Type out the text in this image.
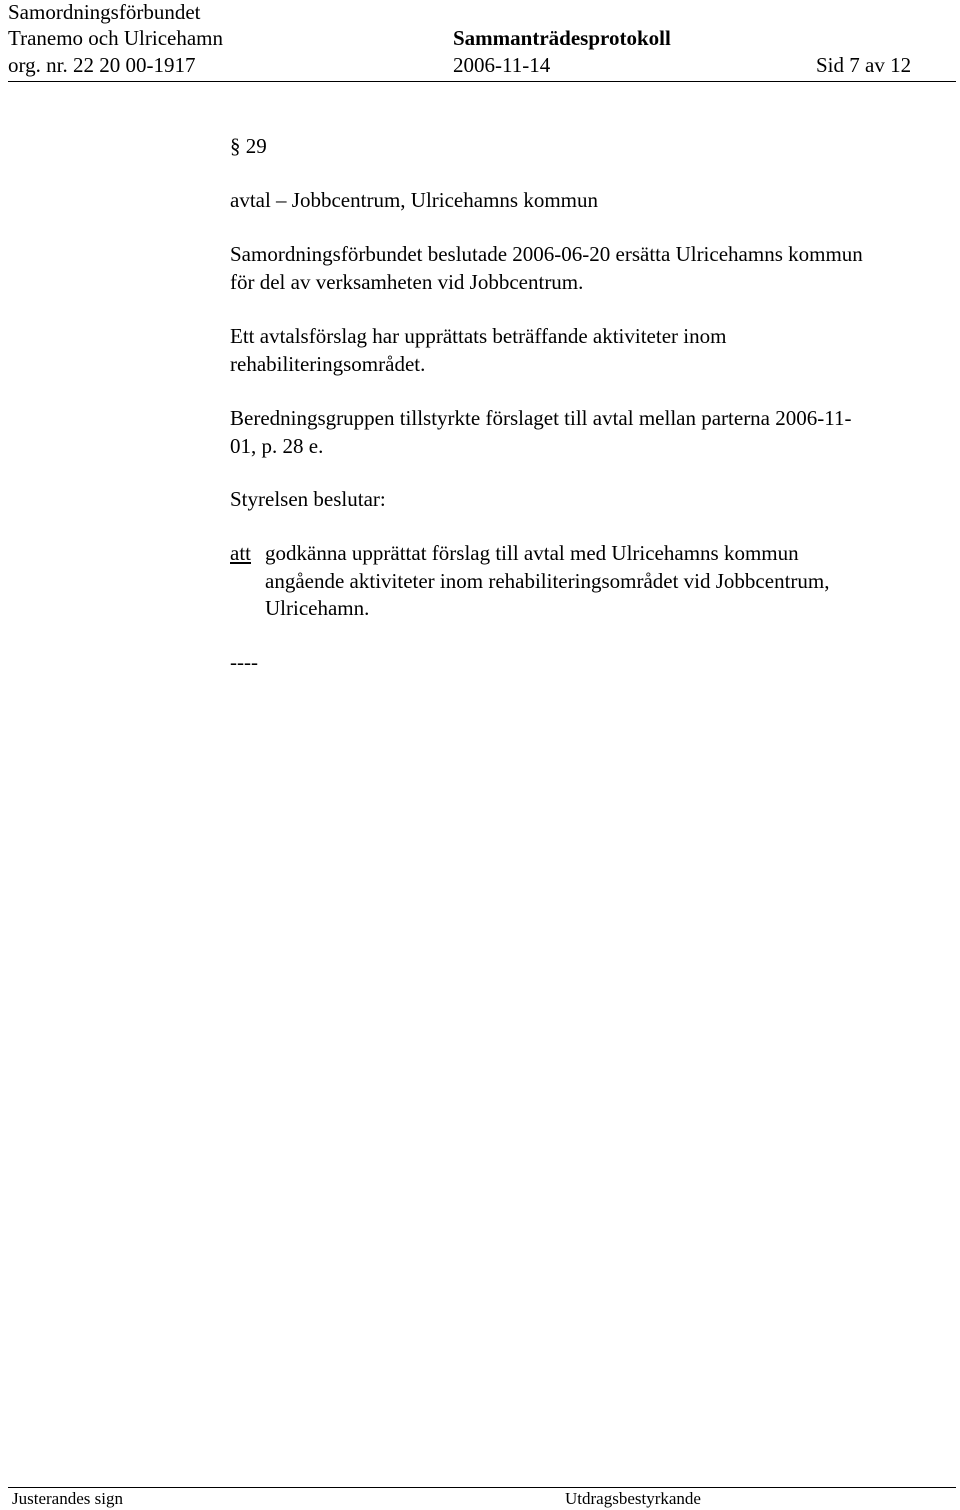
Samordningsförbundet
Tranemo och Ulricehamn
org. nr. 22 20 00-1917
Sammanträdesprotokoll
2006-11-14	Sid 7 av 12
§ 29
avtal – Jobbcentrum, Ulricehamns kommun
Samordningsförbundet beslutade 2006-06-20 ersätta Ulricehamns kommun
för del av verksamheten vid Jobbcentrum.
Ett avtalsförslag har upprättats beträffande aktiviteter inom
rehabiliteringsområdet.
Beredningsgruppen tillstyrkte förslaget till avtal mellan parterna 2006-11-
01, p. 28 e.
Styrelsen beslutar:
att godkänna upprättat förslag till avtal med Ulricehamns kommun
angående aktiviteter inom rehabiliteringsområdet vid Jobbcentrum,
Ulricehamn.
----
Justerandes sign	Utdragsbestyrkande
